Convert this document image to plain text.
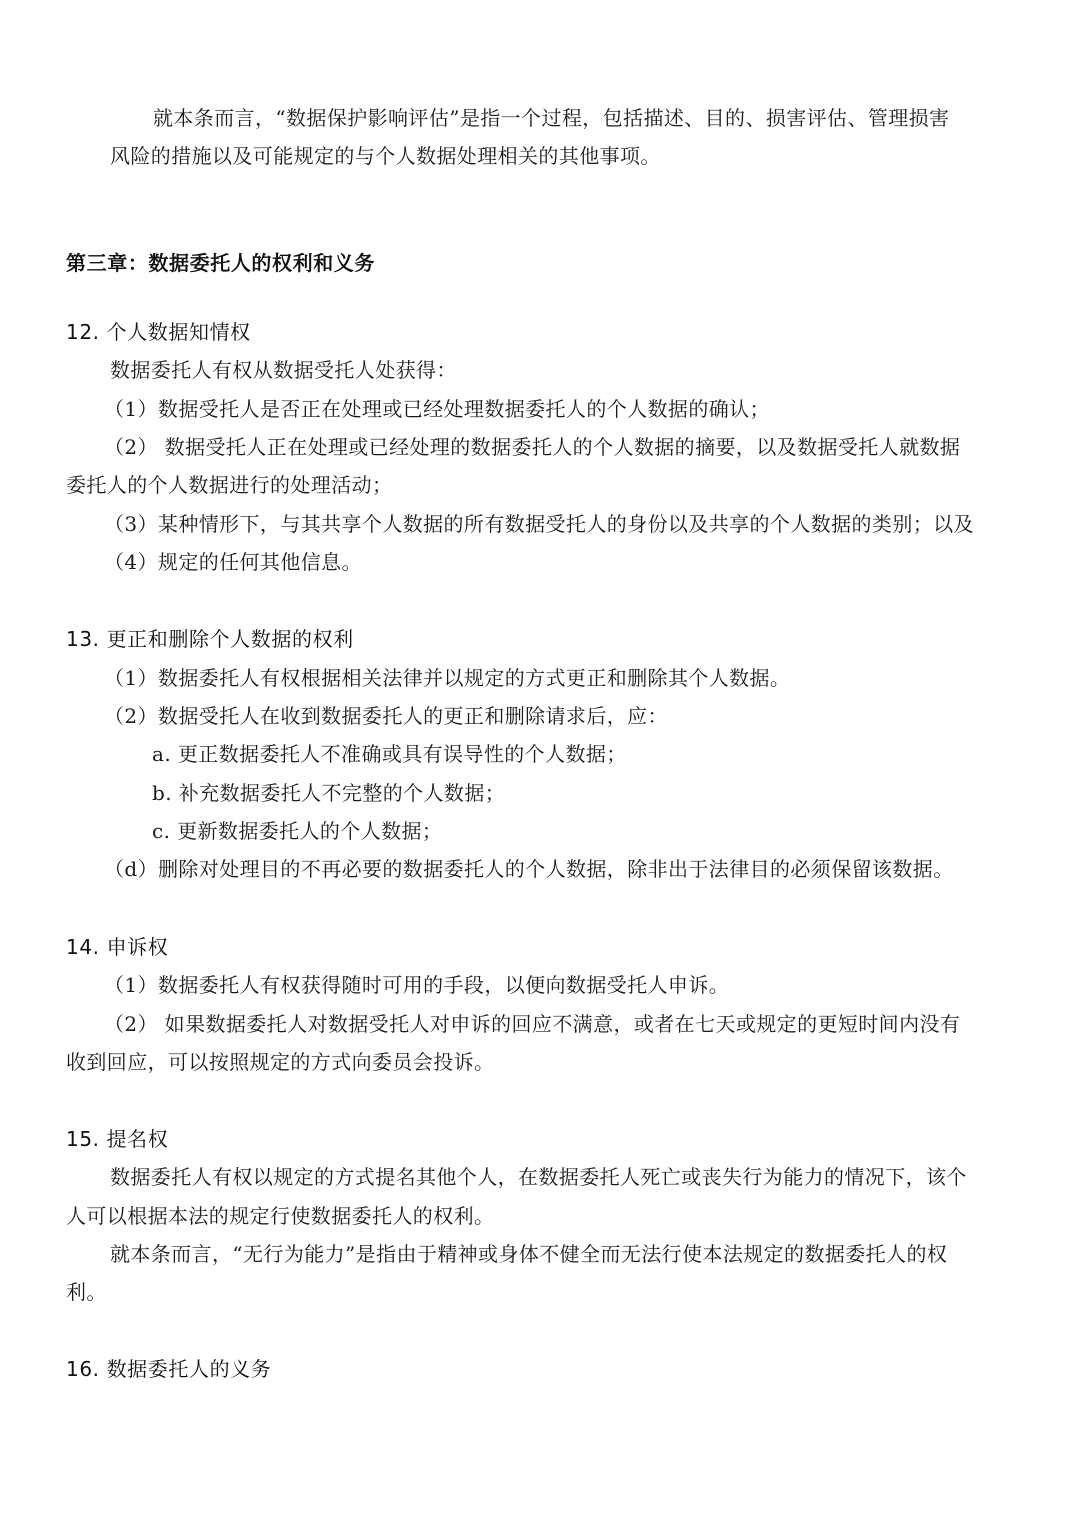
就本条而言，“数据保护影响评估”是指一个过程，包括描述、目的、损害评估、管理损害
风险的措施以及可能规定的与个人数据处理相关的其他事项。
第三章：数据委托人的权利和义务
12. 个人数据知情权
数据委托人有权从数据受托人处获得：
（1）数据受托人是否正在处理或已经处理数据委托人的个人数据的确认；
（2） 数据受托人正在处理或已经处理的数据委托人的个人数据的摘要，以及数据受托人就数据
委托人的个人数据进行的处理活动；
（3）某种情形下，与其共享个人数据的所有数据受托人的身份以及共享的个人数据的类别；以及
（4）规定的任何其他信息。
13. 更正和删除个人数据的权利
（1）数据委托人有权根据相关法律并以规定的方式更正和删除其个人数据。
（2）数据受托人在收到数据委托人的更正和删除请求后，应：
a. 更正数据委托人不准确或具有误导性的个人数据；
b. 补充数据委托人不完整的个人数据；
c. 更新数据委托人的个人数据；
（d）删除对处理目的不再必要的数据委托人的个人数据，除非出于法律目的必须保留该数据。
14. 申诉权
（1）数据委托人有权获得随时可用的手段，以便向数据受托人申诉。
（2） 如果数据委托人对数据受托人对申诉的回应不满意，或者在七天或规定的更短时间内没有
收到回应，可以按照规定的方式向委员会投诉。
15. 提名权
数据委托人有权以规定的方式提名其他个人，在数据委托人死亡或丧失行为能力的情况下，该个
人可以根据本法的规定行使数据委托人的权利。
就本条而言，“无行为能力”是指由于精神或身体不健全而无法行使本法规定的数据委托人的权
利。
16. 数据委托人的义务
